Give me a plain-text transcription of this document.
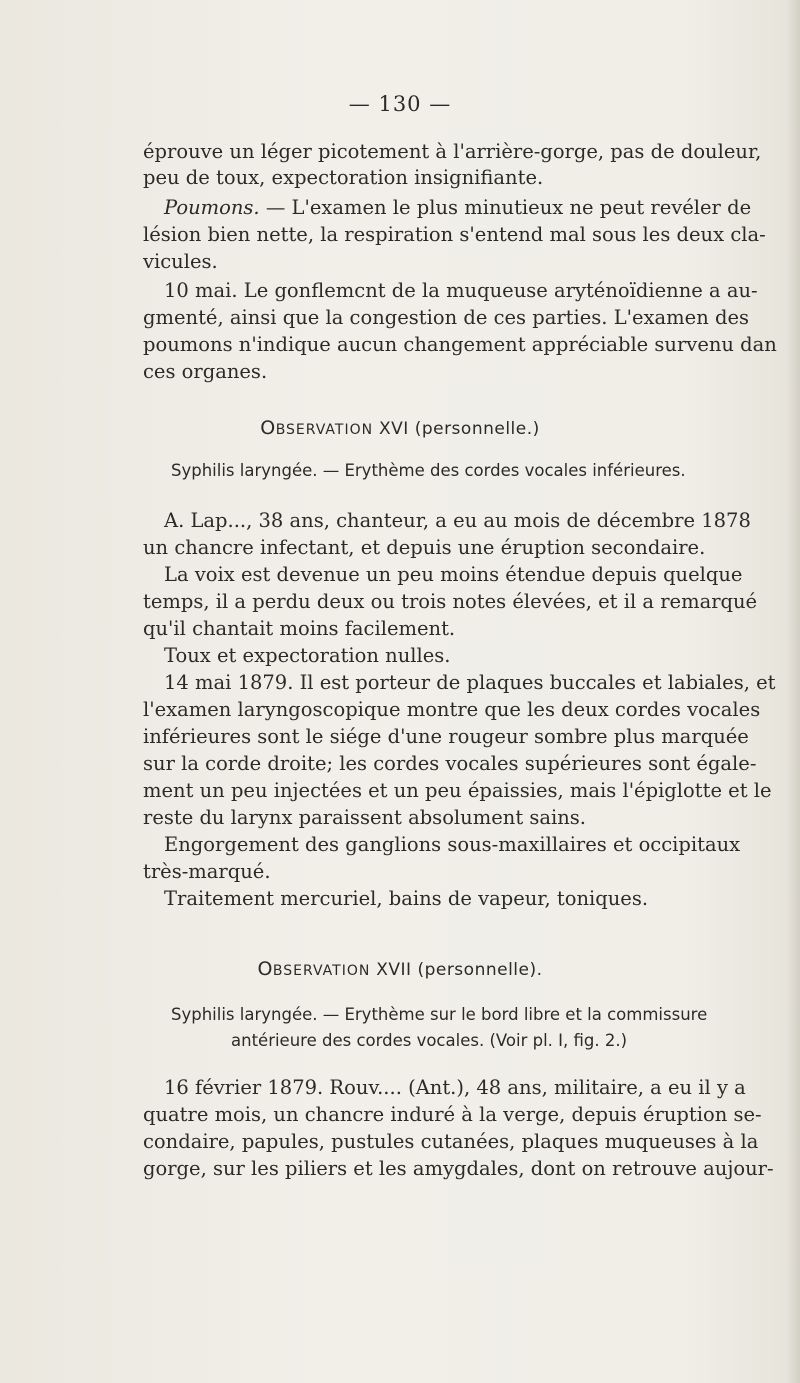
— 130 —
éprouve un léger picotement à l'arrière-gorge, pas de douleur,
peu de toux, expectoration insignifiante.
Poumons. — L'examen le plus minutieux ne peut revéler de
lésion bien nette, la respiration s'entend mal sous les deux cla-
vicules.
10 mai. Le gonflemcnt de la muqueuse aryténoïdienne a au-
gmenté, ainsi que la congestion de ces parties. L'examen des
poumons n'indique aucun changement appréciable survenu dan
ces organes.
OBSERVATION XVI (personnelle.)
Syphilis laryngée. — Erythème des cordes vocales inférieures.
A. Lap..., 38 ans, chanteur, a eu au mois de décembre 1878
un chancre infectant, et depuis une éruption secondaire.
La voix est devenue un peu moins étendue depuis quelque
temps, il a perdu deux ou trois notes élevées, et il a remarqué
qu'il chantait moins facilement.
Toux et expectoration nulles.
14 mai 1879. Il est porteur de plaques buccales et labiales, et
l'examen laryngoscopique montre que les deux cordes vocales
inférieures sont le siége d'une rougeur sombre plus marquée
sur la corde droite; les cordes vocales supérieures sont égale-
ment un peu injectées et un peu épaissies, mais l'épiglotte et le
reste du larynx paraissent absolument sains.
Engorgement des ganglions sous-maxillaires et occipitaux
très-marqué.
Traitement mercuriel, bains de vapeur, toniques.
OBSERVATION XVII (personnelle).
Syphilis laryngée. — Erythème sur le bord libre et la commissure
antérieure des cordes vocales. (Voir pl. I, fig. 2.)
16 février 1879. Rouv.... (Ant.), 48 ans, militaire, a eu il y a
quatre mois, un chancre induré à la verge, depuis éruption se-
condaire, papules, pustules cutanées, plaques muqueuses à la
gorge, sur les piliers et les amygdales, dont on retrouve aujour-
